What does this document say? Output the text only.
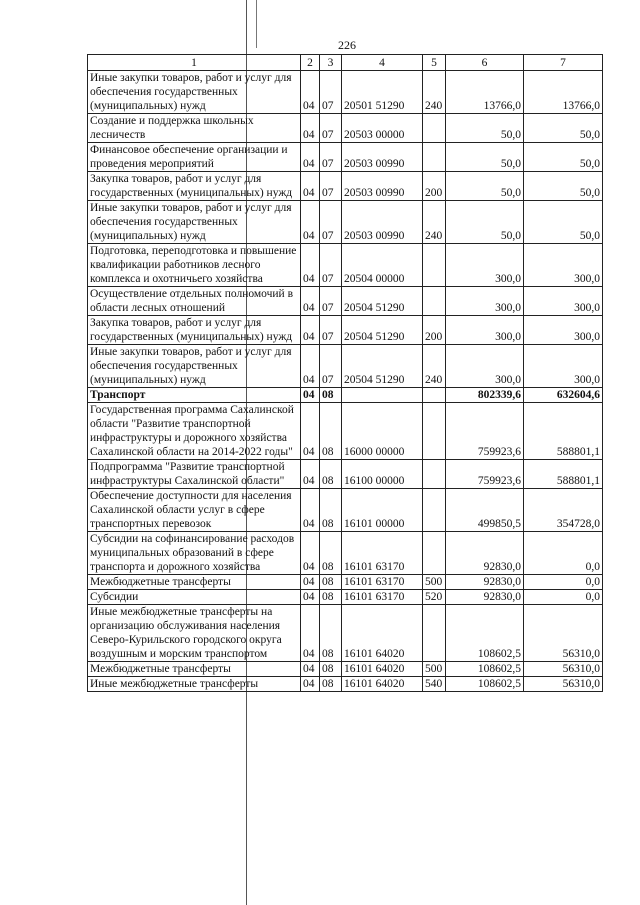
226
1	2	3	4	5	6	7
Иные закупки товаров, работ и услуг для обеспечения государственных (муниципальных) нужд	04	07	20501 51290	240	13766,0	13766,0
Создание и поддержка школьных лесничеств	04	07	20503 00000		50,0	50,0
Финансовое обеспечение организации и проведения мероприятий	04	07	20503 00990		50,0	50,0
Закупка товаров, работ и услуг для государственных (муниципальных) нужд	04	07	20503 00990	200	50,0	50,0
Иные закупки товаров, работ и услуг для обеспечения государственных (муниципальных) нужд	04	07	20503 00990	240	50,0	50,0
Подготовка, переподготовка и повышение квалификации работников лесного комплекса и охотничьего хозяйства	04	07	20504 00000		300,0	300,0
Осуществление отдельных полномочий в области лесных отношений	04	07	20504 51290		300,0	300,0
Закупка товаров, работ и услуг для государственных (муниципальных) нужд	04	07	20504 51290	200	300,0	300,0
Иные закупки товаров, работ и услуг для обеспечения государственных (муниципальных) нужд	04	07	20504 51290	240	300,0	300,0
Транспорт	04	08			802339,6	632604,6
Государственная программа Сахалинской области "Развитие транспортной инфраструктуры и дорожного хозяйства Сахалинской области на 2014-2022 годы"	04	08	16000 00000		759923,6	588801,1
Подпрограмма "Развитие транспортной инфраструктуры Сахалинской области"	04	08	16100 00000		759923,6	588801,1
Обеспечение доступности для населения Сахалинской области услуг в сфере транспортных перевозок	04	08	16101 00000		499850,5	354728,0
Субсидии на софинансирование расходов муниципальных образований в сфере транспорта и дорожного хозяйства	04	08	16101 63170		92830,0	0,0
Межбюджетные трансферты	04	08	16101 63170	500	92830,0	0,0
Субсидии	04	08	16101 63170	520	92830,0	0,0
Иные межбюджетные трансферты на организацию обслуживания населения Северо-Курильского городского округа воздушным и морским транспортом	04	08	16101 64020		108602,5	56310,0
Межбюджетные трансферты	04	08	16101 64020	500	108602,5	56310,0
Иные межбюджетные трансферты	04	08	16101 64020	540	108602,5	56310,0
